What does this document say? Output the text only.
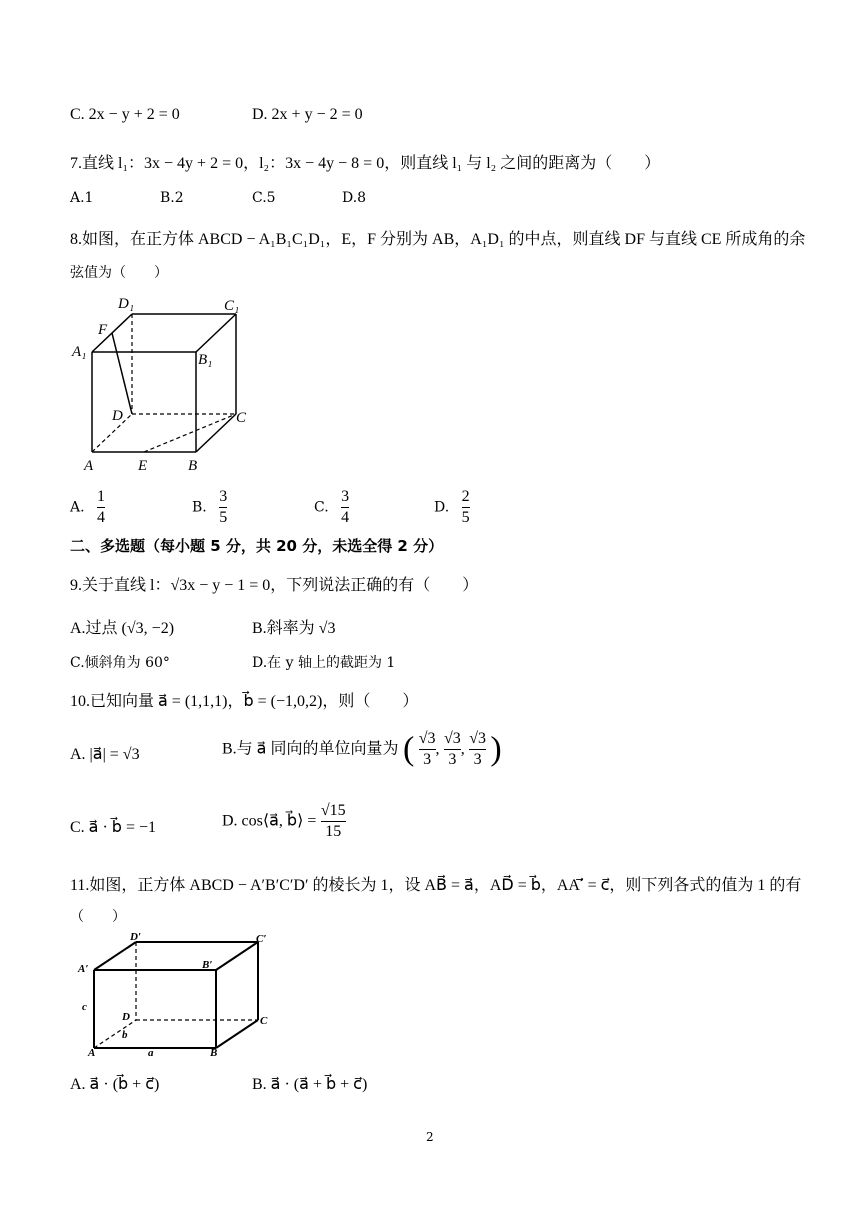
C. 2x − y + 2 = 0	D. 2x + y − 2 = 0
7.直线 l₁：3x − 4y + 2 = 0，l₂：3x − 4y − 8 = 0，则直线 l₁ 与 l₂ 之间的距离为（　　）
A.1	B.2	C.5	D.8
8.如图，在正方体 ABCD − A₁B₁C₁D₁，E，F 分别为 AB，A₁D₁ 的中点，则直线 DF 与直线 CE 所成角的余
弦值为（　　）
D₁	C₁
F
A₁	B₁
D	C
A	E	B
A. $\frac{1}{4}$	B. $\frac{3}{5}$	C. $\frac{3}{4}$	D. $\frac{2}{5}$
二、多选题（每小题 5 分，共 20 分，未选全得 2 分）
9.关于直线 l：√3x − y − 1 = 0，下列说法正确的有（　　）
A.过点 (√3, −2)	B.斜率为 √3
C.倾斜角为 60°	D.在 y 轴上的截距为 1
10.已知向量 a⃗ = (1,1,1)，b⃗ = (−1,0,2)，则（　　）
A. |a⃗| = √3	B.与 a⃗ 同向的单位向量为 ( $\frac{√3}{3}$ , $\frac{√3}{3}$ , $\frac{√3}{3}$ )
C. a⃗ · b⃗ = −1	D. cos⟨a⃗, b⃗⟩ = $\frac{√15}{15}$
11.如图，正方体 ABCD − A′B′C′D′ 的棱长为 1，设 AB⃗ = a⃗，AD⃗ = b⃗，AA′⃗ = c⃗，则下列各式的值为 1 的有
（　　）
D′	C′
A′	B′
c
D	C
b
A	a	B
A. a⃗ · (b⃗ + c⃗)	B. a⃗ · (a⃗ + b⃗ + c⃗)
2
